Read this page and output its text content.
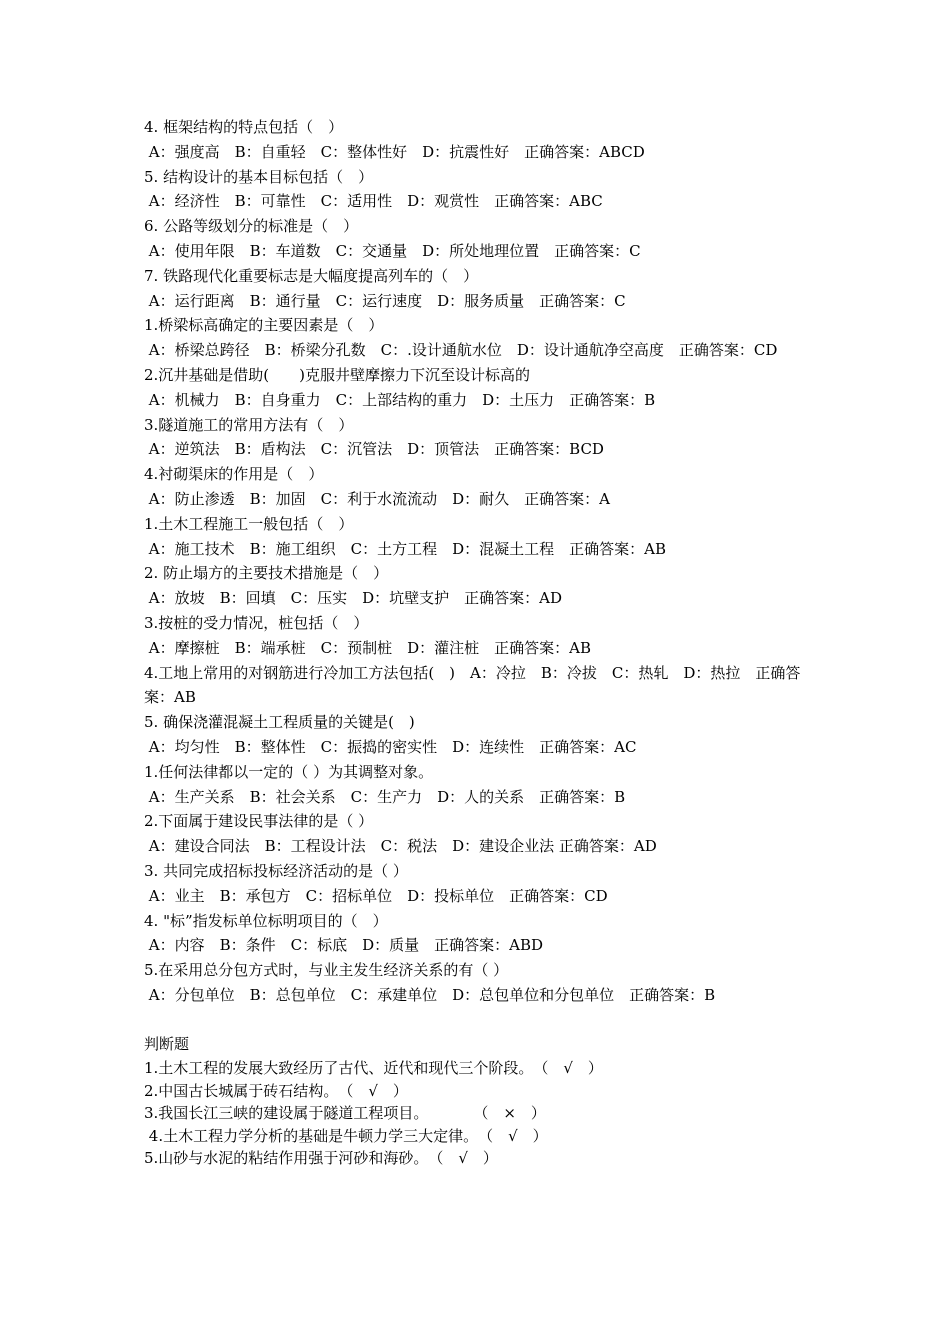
4. 框架结构的特点包括（　）
A：强度高　B：自重轻　C：整体性好　D：抗震性好　正确答案：ABCD
5. 结构设计的基本目标包括（　）
A：经济性　B：可靠性　C：适用性　D：观赏性　正确答案：ABC
6. 公路等级划分的标准是（　）
A：使用年限　B：车道数　C：交通量　D：所处地理位置　正确答案：C
7. 铁路现代化重要标志是大幅度提高列车的（　）
A：运行距离　B：通行量　C：运行速度　D：服务质量　正确答案：C
1.桥梁标高确定的主要因素是（　）
A：桥梁总跨径　B：桥梁分孔数　C：.设计通航水位　D：设计通航净空高度　正确答案：CD
2.沉井基础是借助(　　)克服井壁摩擦力下沉至设计标高的
A：机械力　B：自身重力　C：上部结构的重力　D：土压力　正确答案：B
3.隧道施工的常用方法有（　）
A：逆筑法　B：盾构法　C：沉管法　D：顶管法　正确答案：BCD
4.衬砌渠床的作用是（　）
A：防止渗透　B：加固　C：利于水流流动　D：耐久　正确答案：A
1.土木工程施工一般包括（　）
A：施工技术　B：施工组织　C：土方工程　D：混凝土工程　正确答案：AB
2. 防止塌方的主要技术措施是（　）
A：放坡　B：回填　C：压实　D：坑壁支护　正确答案：AD
3.按桩的受力情况，桩包括（　）
A：摩擦桩　B：端承桩　C：预制桩　D：灌注桩　正确答案：AB
4.工地上常用的对钢筋进行冷加工方法包括(　)　A：冷拉　B：冷拔　C：热轧　D：热拉　正确答案：AB
5. 确保浇灌混凝土工程质量的关键是(　)
A：均匀性　B：整体性　C：振捣的密实性　D：连续性　正确答案：AC
1.任何法律都以一定的（ ）为其调整对象。
A：生产关系　B：社会关系　C：生产力　D：人的关系　正确答案：B
2.下面属于建设民事法律的是（ ）
A：建设合同法　B：工程设计法　C：税法　D：建设企业法 正确答案：AD
3. 共同完成招标投标经济活动的是（ ）
A：业主　B：承包方　C：招标单位　D：投标单位　正确答案：CD
4. "标”指发标单位标明项目的（　）
A：内容　B：条件　C：标底　D：质量　正确答案：ABD
5.在采用总分包方式时，与业主发生经济关系的有（ ）
A：分包单位　B：总包单位　C：承建单位　D：总包单位和分包单位　正确答案：B
判断题
1.土木工程的发展大致经历了古代、近代和现代三个阶段。　（　√　）
2.中国古长城属于砖石结构。　（　√　）
3.我国长江三峡的建设属于隧道工程项目。　　　　（　×　）
4.土木工程力学分析的基础是牛顿力学三大定律。　（　√　）
5.山砂与水泥的粘结作用强于河砂和海砂。　（　√　）
